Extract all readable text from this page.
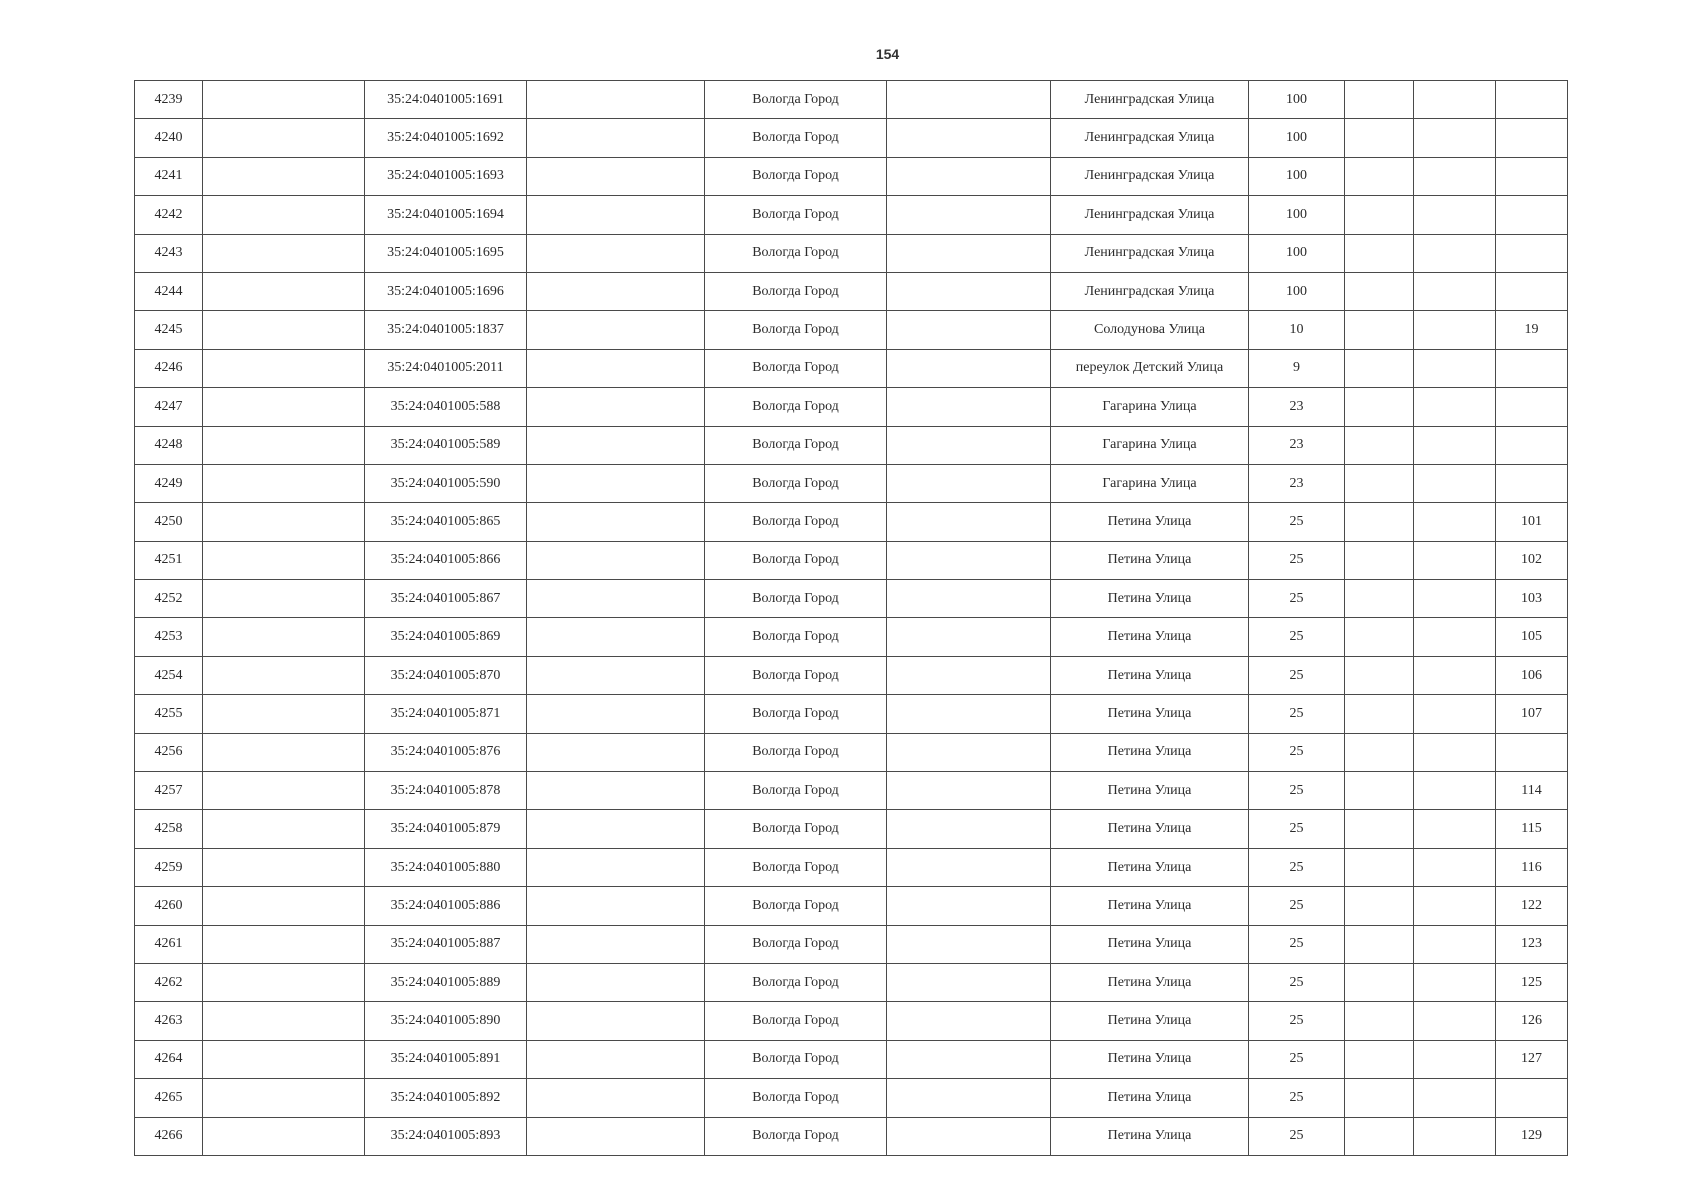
154
4239		35:24:0401005:1691		Вологда Город		Ленинградская Улица	100			
4240		35:24:0401005:1692		Вологда Город		Ленинградская Улица	100			
4241		35:24:0401005:1693		Вологда Город		Ленинградская Улица	100			
4242		35:24:0401005:1694		Вологда Город		Ленинградская Улица	100			
4243		35:24:0401005:1695		Вологда Город		Ленинградская Улица	100			
4244		35:24:0401005:1696		Вологда Город		Ленинградская Улица	100			
4245		35:24:0401005:1837		Вологда Город		Солодунова Улица	10			19
4246		35:24:0401005:2011		Вологда Город		переулок Детский Улица	9			
4247		35:24:0401005:588		Вологда Город		Гагарина Улица	23			
4248		35:24:0401005:589		Вологда Город		Гагарина Улица	23			
4249		35:24:0401005:590		Вологда Город		Гагарина Улица	23			
4250		35:24:0401005:865		Вологда Город		Петина Улица	25			101
4251		35:24:0401005:866		Вологда Город		Петина Улица	25			102
4252		35:24:0401005:867		Вологда Город		Петина Улица	25			103
4253		35:24:0401005:869		Вологда Город		Петина Улица	25			105
4254		35:24:0401005:870		Вологда Город		Петина Улица	25			106
4255		35:24:0401005:871		Вологда Город		Петина Улица	25			107
4256		35:24:0401005:876		Вологда Город		Петина Улица	25			
4257		35:24:0401005:878		Вологда Город		Петина Улица	25			114
4258		35:24:0401005:879		Вологда Город		Петина Улица	25			115
4259		35:24:0401005:880		Вологда Город		Петина Улица	25			116
4260		35:24:0401005:886		Вологда Город		Петина Улица	25			122
4261		35:24:0401005:887		Вологда Город		Петина Улица	25			123
4262		35:24:0401005:889		Вологда Город		Петина Улица	25			125
4263		35:24:0401005:890		Вологда Город		Петина Улица	25			126
4264		35:24:0401005:891		Вологда Город		Петина Улица	25			127
4265		35:24:0401005:892		Вологда Город		Петина Улица	25			
4266		35:24:0401005:893		Вологда Город		Петина Улица	25			129
